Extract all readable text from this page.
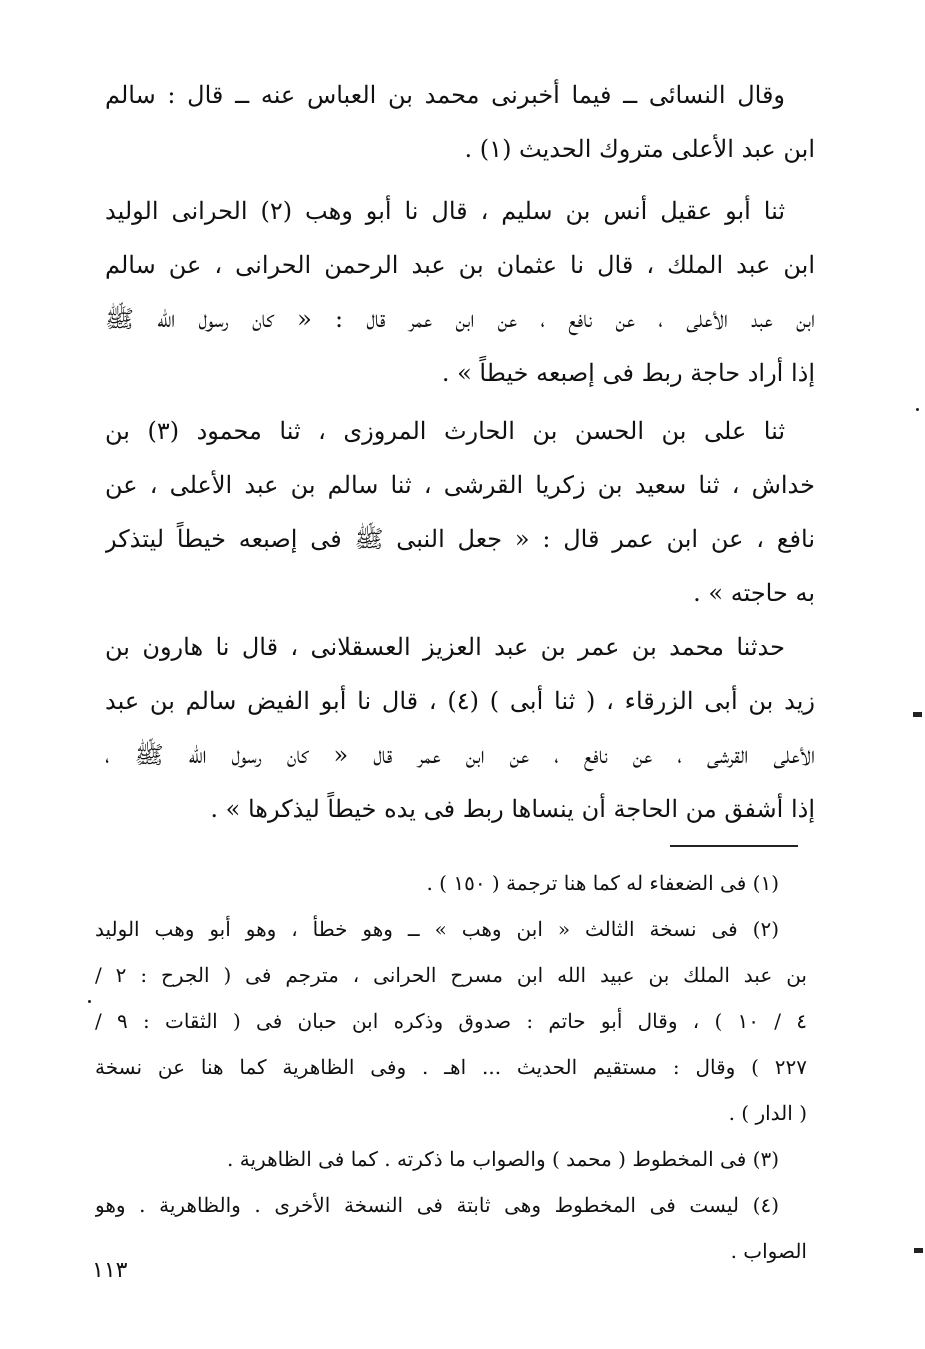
وقال النسائى ــ فيما أخبرنى محمد بن العباس عنه ــ قال : سالم
ابن عبد الأعلى متروك الحديث (١) .
ثنا أبو عقيل أنس بن سليم ، قال نا أبو وهب (٢) الحرانى الوليد
ابن عبد الملك ، قال نا عثمان بن عبد الرحمن الحرانى ، عن سالم
ابن عبد الأعلى ، عن نافع ، عن ابن عمر قال : « كان رسول الله ﷺ
إذا أراد حاجة ربط فى إصبعه خيطاً » .
ثنا على بن الحسن بن الحارث المروزى ، ثنا محمود (٣) بن
خداش ، ثنا سعيد بن زكريا القرشى ، ثنا سالم بن عبد الأعلى ، عن
نافع ، عن ابن عمر قال : « جعل النبى ﷺ فى إصبعه خيطاً ليتذكر
به حاجته » .
حدثنا محمد بن عمر بن عبد العزيز العسقلانى ، قال نا هارون بن
زيد بن أبى الزرقاء ، ( ثنا أبى ) (٤) ، قال نا أبو الفيض سالم بن عبد
الأعلى القرشى ، عن نافع ، عن ابن عمر قال « كان رسول الله ﷺ ،
إذا أشفق من الحاجة أن ينساها ربط فى يده خيطاً ليذكرها » .
(١) فى الضعفاء له كما هنا ترجمة ( ١٥٠ ) .
(٢) فى نسخة الثالث « ابن وهب » ــ وهو خطأ ، وهو أبو وهب الوليد
بن عبد الملك بن عبيد الله ابن مسرح الحرانى ، مترجم فى ( الجرح : ٢ /
٤ / ١٠ ) ، وقال أبو حاتم : صدوق وذكره ابن حبان فى ( الثقات : ٩ /
٢٢٧ ) وقال : مستقيم الحديث ... اهـ . وفى الظاهرية كما هنا عن نسخة
( الدار ) .
(٣) فى المخطوط ( محمد ) والصواب ما ذكرته . كما فى الظاهرية .
(٤) ليست فى المخطوط وهى ثابتة فى النسخة الأخرى . والظاهرية . وهو
الصواب .
١١٣
